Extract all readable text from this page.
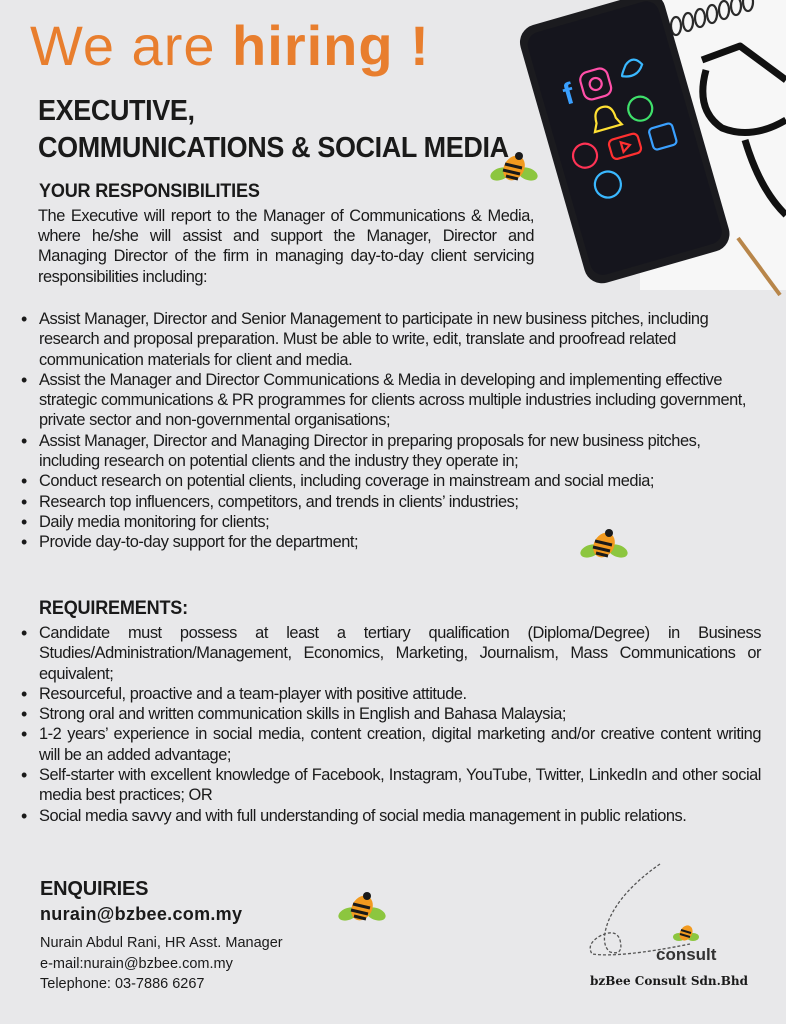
f
We are hiring !
EXECUTIVE,
COMMUNICATIONS & SOCIAL MEDIA
YOUR RESPONSIBILITIES
The Executive will report to the Manager of Communications & Media, where he/she will assist and support the Manager, Director and Managing Director of the firm in managing day-to-day client servicing responsibilities including:
• Assist Manager, Director and Senior Management to participate in new business pitches, including research and proposal preparation. Must be able to write, edit, translate and proofread related communication materials for client and media.
• Assist the Manager and Director Communications & Media in developing and implementing effective strategic communications & PR programmes for clients across multiple industries including government, private sector and non-governmental organisations;
• Assist Manager, Director and Managing Director in preparing proposals for new business pitches, including research on potential clients and the industry they operate in;
• Conduct research on potential clients, including coverage in mainstream and social media;
• Research top influencers, competitors, and trends in clients’ industries;
• Daily media monitoring for clients;
• Provide day-to-day support for the department;
REQUIREMENTS:
• Candidate must possess at least a tertiary qualification (Diploma/Degree) in Business Studies/Administration/Management, Economics, Marketing, Journalism, Mass Communications or equivalent;
• Resourceful, proactive and a team-player with positive attitude.
• Strong oral and written communication skills in English and Bahasa Malaysia;
• 1-2 years’ experience in social media, content creation, digital marketing and/or creative content writing will be an added advantage;
• Self-starter with excellent knowledge of Facebook, Instagram, YouTube, Twitter, LinkedIn and other social media best practices; OR
• Social media savvy and with full understanding of social media management in public relations.
ENQUIRIES
nurain@bzbee.com.my
Nurain Abdul Rani, HR Asst. Manager
e-mail:nurain@bzbee.com.my
Telephone: 03-7886 6267
consult
bzBee Consult Sdn.Bhd
